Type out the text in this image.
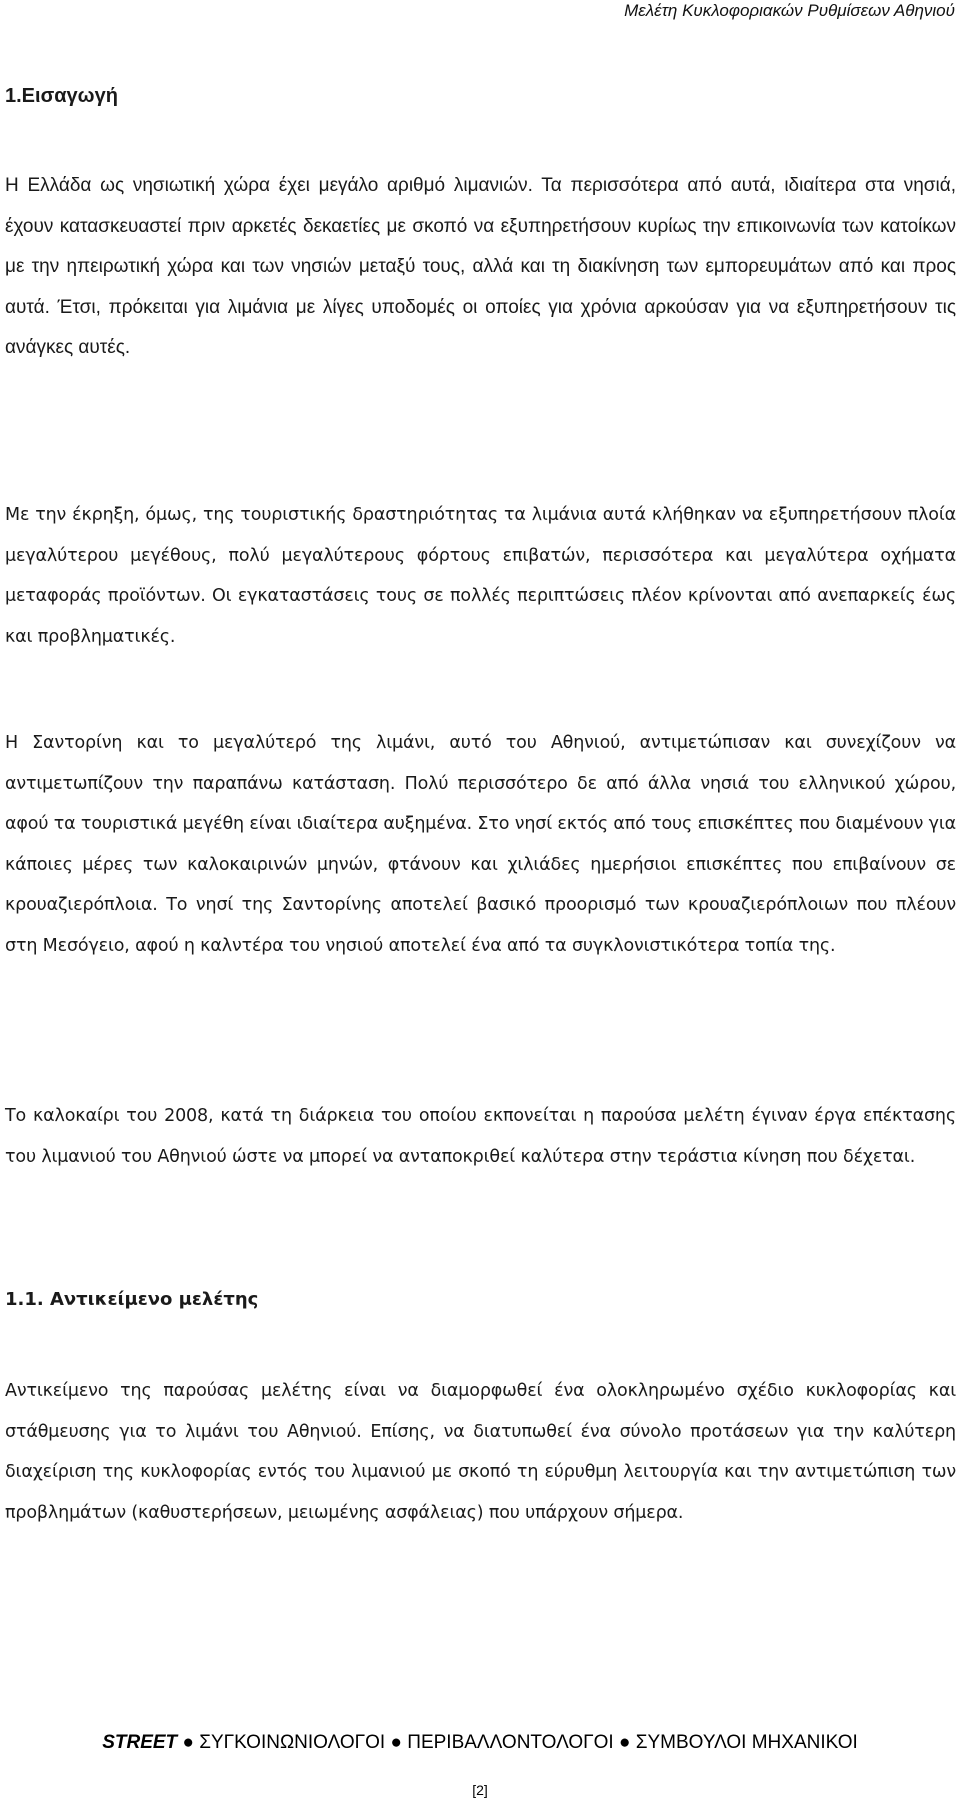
Μελέτη Κυκλοφοριακών Ρυθμίσεων Αθηνιού
1.Εισαγωγή

Η Ελλάδα ως νησιωτική χώρα έχει μεγάλο αριθμό λιμανιών. Τα περισσότερα από αυτά, ιδιαίτερα στα νησιά, έχουν κατασκευαστεί πριν αρκετές δεκαετίες με σκοπό να εξυπηρετήσουν κυρίως την επικοινωνία των κατοίκων με την ηπειρωτική χώρα και των νησιών μεταξύ τους, αλλά και τη διακίνηση των εμπορευμάτων από και προς αυτά. Έτσι, πρόκειται για λιμάνια με λίγες υποδομές οι οποίες για χρόνια αρκούσαν για να εξυπηρετήσουν τις ανάγκες αυτές.

Με την έκρηξη, όμως, της τουριστικής δραστηριότητας τα λιμάνια αυτά κλήθηκαν να εξυπηρετήσουν πλοία μεγαλύτερου μεγέθους, πολύ μεγαλύτερους φόρτους επιβατών, περισσότερα και μεγαλύτερα οχήματα μεταφοράς προϊόντων. Οι εγκαταστάσεις τους σε πολλές περιπτώσεις πλέον κρίνονται από ανεπαρκείς έως και προβληματικές.

Η Σαντορίνη και το μεγαλύτερό της λιμάνι, αυτό του Αθηνιού, αντιμετώπισαν και συνεχίζουν να αντιμετωπίζουν την παραπάνω κατάσταση. Πολύ περισσότερο δε από άλλα νησιά του ελληνικού χώρου, αφού τα τουριστικά μεγέθη είναι ιδιαίτερα αυξημένα. Στο νησί εκτός από τους επισκέπτες που διαμένουν για κάποιες μέρες των καλοκαιρινών μηνών, φτάνουν και χιλιάδες ημερήσιοι επισκέπτες που επιβαίνουν σε κρουαζιερόπλοια. Το νησί της Σαντορίνης αποτελεί βασικό προορισμό των κρουαζιερόπλοιων που πλέουν στη Μεσόγειο, αφού η καλντέρα του νησιού αποτελεί ένα από τα συγκλονιστικότερα τοπία της.

Το καλοκαίρι του 2008, κατά τη διάρκεια του οποίου εκπονείται η παρούσα μελέτη έγιναν έργα επέκτασης του λιμανιού του Αθηνιού ώστε να μπορεί να ανταποκριθεί καλύτερα στην τεράστια κίνηση που δέχεται.

1.1. Αντικείμενο μελέτης

Αντικείμενο της παρούσας μελέτης είναι να διαμορφωθεί ένα ολοκληρωμένο σχέδιο κυκλοφορίας και στάθμευσης για το λιμάνι του Αθηνιού. Επίσης, να διατυπωθεί ένα σύνολο προτάσεων για την καλύτερη διαχείριση της κυκλοφορίας εντός του λιμανιού με σκοπό τη εύρυθμη λειτουργία και την αντιμετώπιση των προβλημάτων (καθυστερήσεων, μειωμένης ασφάλειας) που υπάρχουν σήμερα.

STREET ● ΣΥΓΚΟΙΝΩΝΙΟΛΟΓΟΙ ● ΠΕΡΙΒΑΛΛΟΝΤΟΛΟΓΟΙ ● ΣΥΜΒΟΥΛΟΙ ΜΗΧΑΝΙΚΟΙ
[2]
